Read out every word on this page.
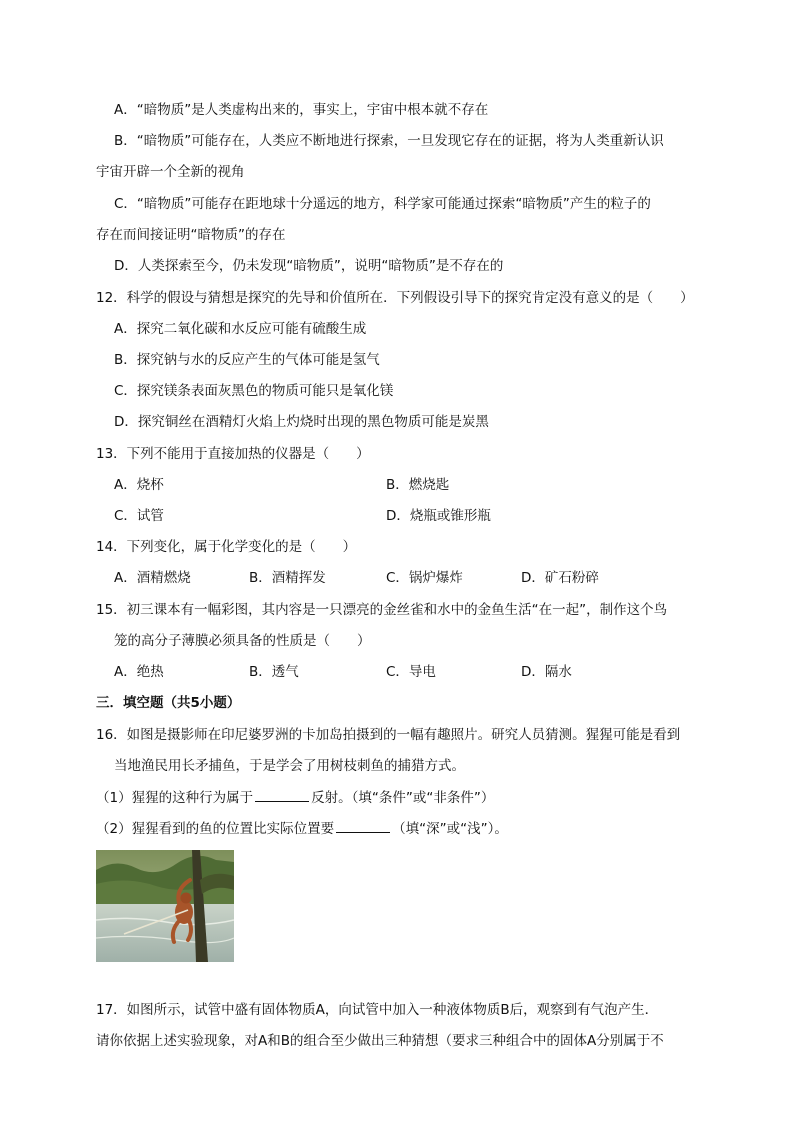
A．“暗物质”是人类虚构出来的，事实上，宇宙中根本就不存在
B．“暗物质”可能存在，人类应不断地进行探索，一旦发现它存在的证据，将为人类重新认识
宇宙开辟一个全新的视角
C．“暗物质”可能存在距地球十分遥远的地方，科学家可能通过探索“暗物质”产生的粒子的
存在而间接证明“暗物质”的存在
D．人类探索至今，仍未发现“暗物质”，说明“暗物质”是不存在的
12．科学的假设与猜想是探究的先导和价值所在．下列假设引导下的探究肯定没有意义的是（　　）
A．探究二氧化碳和水反应可能有硫酸生成
B．探究钠与水的反应产生的气体可能是氢气
C．探究镁条表面灰黑色的物质可能只是氧化镁
D．探究铜丝在酒精灯火焰上灼烧时出现的黑色物质可能是炭黑
13．下列不能用于直接加热的仪器是（　　）
A．烧杯	B．燃烧匙
C．试管	D．烧瓶或锥形瓶
14．下列变化，属于化学变化的是（　　）
A．酒精燃烧	B．酒精挥发	C．锅炉爆炸	D．矿石粉碎
15．初三课本有一幅彩图，其内容是一只漂亮的金丝雀和水中的金鱼生活“在一起”，制作这个鸟
笼的高分子薄膜必须具备的性质是（　　）
A．绝热	B．透气	C．导电	D．隔水
三．填空题（共5小题）
16．如图是摄影师在印尼婆罗洲的卡加岛拍摄到的一幅有趣照片。研究人员猜测。猩猩可能是看到
当地渔民用长矛捕鱼，于是学会了用树枝刺鱼的捕猎方式。
（1）猩猩的这种行为属于	反射。（填“条件”或“非条件”）
（2）猩猩看到的鱼的位置比实际位置要	（填“深”或“浅”）。
17．如图所示，试管中盛有固体物质A，向试管中加入一种液体物质B后，观察到有气泡产生．
请你依据上述实验现象，对A和B的组合至少做出三种猜想（要求三种组合中的固体A分别属于不
